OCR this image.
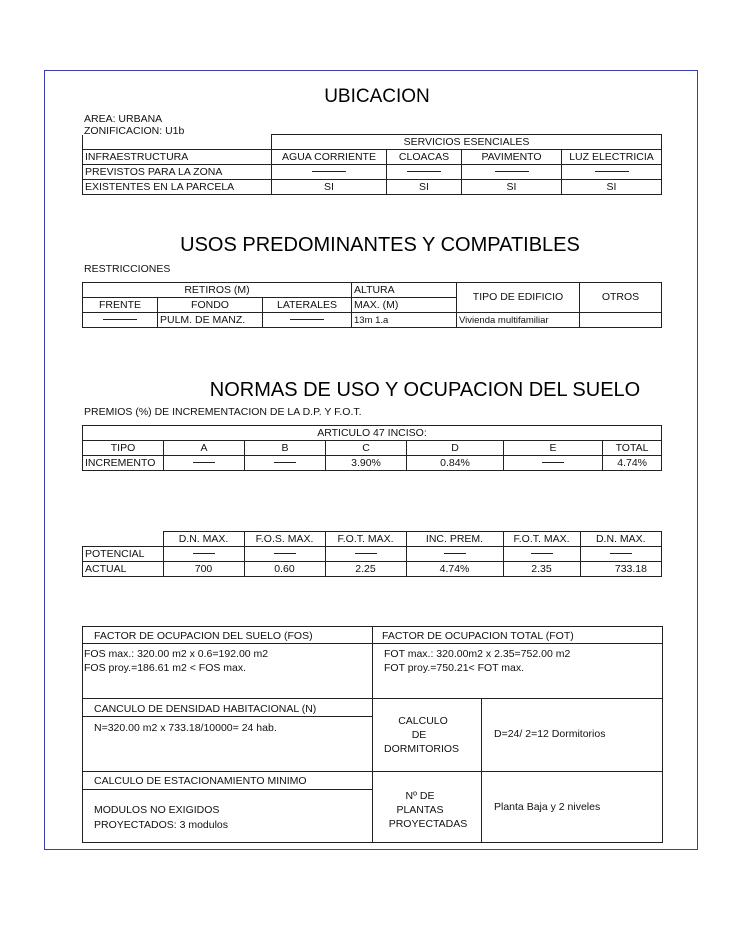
UBICACION
AREA: URBANA
ZONIFICACION: U1b
	SERVICIOS ESENCIALES			
INFRAESTRUCTURA	AGUA CORRIENTE	CLOACAS	PAVIMENTO	LUZ ELECTRICIA
PREVISTOS PARA LA ZONA				
EXISTENTES EN LA PARCELA	SI	SI	SI	SI
USOS PREDOMINANTES Y COMPATIBLES
RESTRICCIONES
RETIROS (M)			ALTURA	TIPO DE EDIFICIO	OTROS
FRENTE	FONDO	LATERALES	MAX. (M)		
	PULM. DE MANZ.		13m 1.a	Vivienda multifamiliar	
NORMAS DE USO Y OCUPACION DEL SUELO
PREMIOS (%) DE INCREMENTACION DE LA D.P. Y F.O.T.
ARTICULO 47 INCISO:						
TIPO	A	B	C	D	E	TOTAL
INCREMENTO			3.90%	0.84%		4.74%
	D.N. MAX.	F.O.S. MAX.	F.O.T. MAX.	INC. PREM.	F.O.T. MAX.	D.N. MAX.
POTENCIAL						
ACTUAL	700	0.60	2.25	4.74%	2.35	733.18
FACTOR DE OCUPACION DEL SUELO (FOS)
FOS max.: 320.00 m2 x 0.6=192.00 m2
FOS proy.=186.61 m2 < FOS max.
FACTOR DE OCUPACION TOTAL (FOT)
FOT max.: 320.00m2 x 2.35=752.00 m2
FOT proy.=750.21< FOT max.
CANCULO DE DENSIDAD HABITACIONAL (N)
N=320.00 m2 x 733.18/10000= 24 hab.
CALCULO
DE
DORMITORIOS
D=24/ 2=12 Dormitorios
CALCULO DE ESTACIONAMIENTO MINIMO
MODULOS NO EXIGIDOS
PROYECTADOS: 3 modulos
Nº DE
PLANTAS
PROYECTADAS
Planta Baja y 2 niveles
